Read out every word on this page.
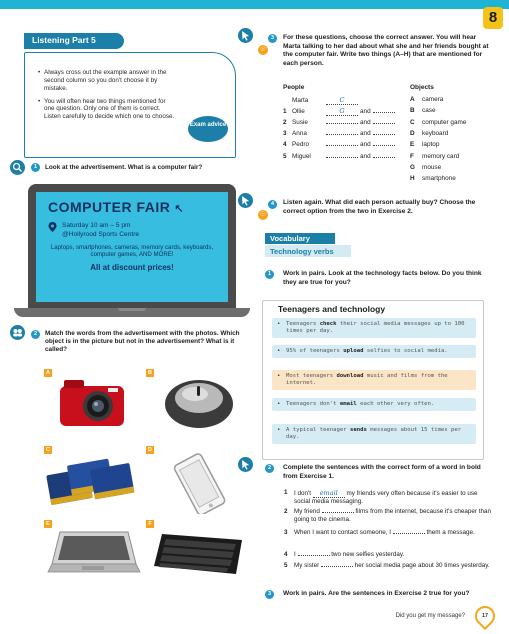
8
Listening Part 5

• Always cross out the example answer in the second column so you don't choose it by mistake.

• You will often hear two things mentioned for one question. Only one of them is correct. Listen carefully to decide which one to choose.

Exam advice
1	Look at the advertisement. What is a computer fair?
COMPUTER FAIR ↖
Saturday 10 am – 5 pm
@Hollyrood Sports Centre
Laptops, smartphones, cameras, memory cards, keyboards, computer games, AND MORE!
All at discount prices!
2	Match the words from the advertisement with the photos. Which object is in the picture but not in the advertisement? What is it called?
A	B
C	D
E	F
3
☉
For these questions, choose the correct answer. You will hear Marta talking to her dad about what she and her friends bought at the computer fair. Write two things (A–H) that are mentioned for each person.
People	Objects
Marta	C
1 Ollie	G and
2 Susie	and
3 Anna	and
4 Pedro	and
5 Miguel	and
A camera
B case
C computer game
D keyboard
E laptop
F memory card
G mouse
H smartphone
4
☉
Listen again. What did each person actually buy? Choose the correct option from the two in Exercise 2.
Vocabulary
Technology verbs
1	Work in pairs. Look at the technology facts below. Do you think they are true for you?
Teenagers and technology
• Teenagers check their social media messages up to 100 times per day.
• 95% of teenagers upload selfies to social media.
• Most teenagers download music and films from the internet.
• Teenagers don't email each other very often.
• A typical teenager sends messages about 15 times per day.
2	Complete the sentences with the correct form of a word in bold from Exercise 1.
1 I don't email my friends very often because it's easier to use social media messaging.
2 My friend	films from the internet, because it's cheaper than going to the cinema.
3 When I want to contact someone, I	them a message.
4 I	two new selfies yesterday.
5 My sister	her social media page about 30 times yesterday.
3	Work in pairs. Are the sentences in Exercise 2 true for you?
Did you get my message?	17
